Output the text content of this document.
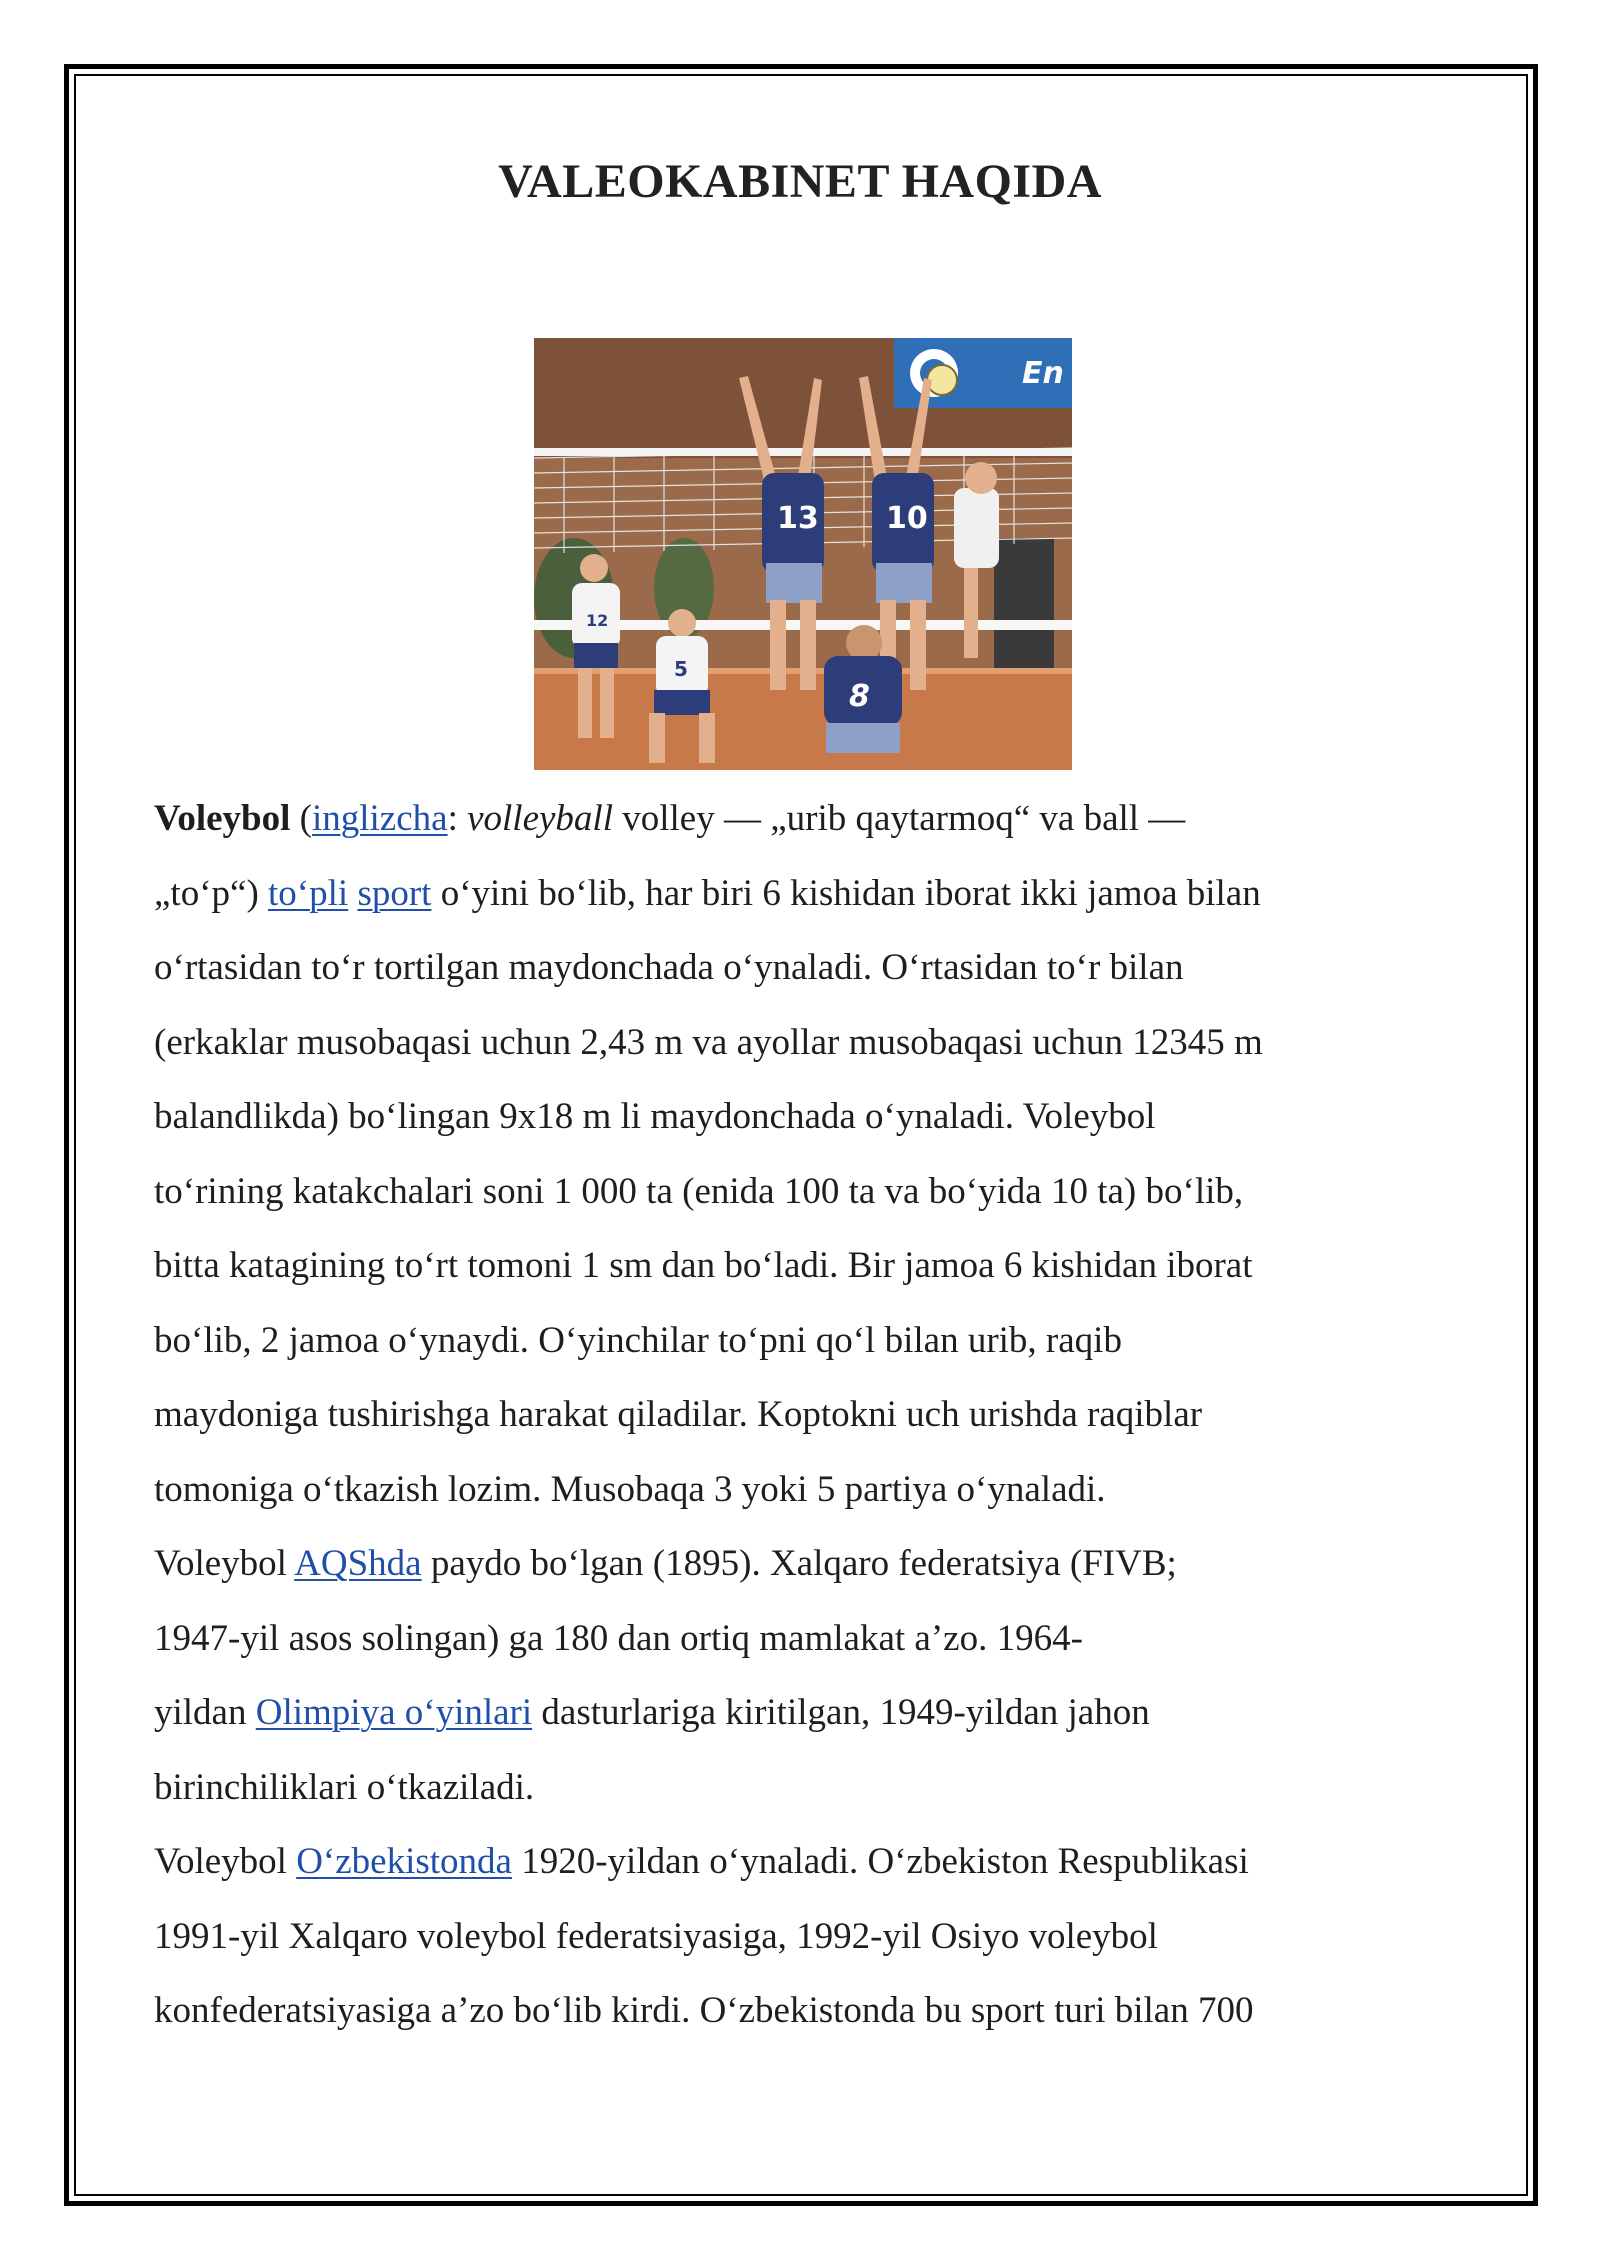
VALEOKABINET HAQIDA
En
13 10
12
5
8

Voleybol (inglizcha: volleyball volley — „urib qaytarmoq“ va ball —
„to‘p“) to‘pli sport o‘yini bo‘lib, har biri 6 kishidan iborat ikki jamoa bilan
o‘rtasidan to‘r tortilgan maydonchada o‘ynaladi. O‘rtasidan to‘r bilan
(erkaklar musobaqasi uchun 2,43 m va ayollar musobaqasi uchun 12345 m
balandlikda) bo‘lingan 9x18 m li maydonchada o‘ynaladi. Voleybol
to‘rining katakchalari soni 1 000 ta (enida 100 ta va bo‘yida 10 ta) bo‘lib,
bitta katagining to‘rt tomoni 1 sm dan bo‘ladi. Bir jamoa 6 kishidan iborat
bo‘lib, 2 jamoa o‘ynaydi. O‘yinchilar to‘pni qo‘l bilan urib, raqib
maydoniga tushirishga harakat qiladilar. Koptokni uch urishda raqiblar
tomoniga o‘tkazish lozim. Musobaqa 3 yoki 5 partiya o‘ynaladi.

Voleybol AQShda paydo bo‘lgan (1895). Xalqaro federatsiya (FIVB;
1947-yil asos solingan) ga 180 dan ortiq mamlakat a’zo. 1964-
yildan Olimpiya o‘yinlari dasturlariga kiritilgan, 1949-yildan jahon
birinchiliklari o‘tkaziladi.

Voleybol O‘zbekistonda 1920-yildan o‘ynaladi. O‘zbekiston Respublikasi
1991-yil Xalqaro voleybol federatsiyasiga, 1992-yil Osiyo voleybol
konfederatsiyasiga a’zo bo‘lib kirdi. O‘zbekistonda bu sport turi bilan 700
